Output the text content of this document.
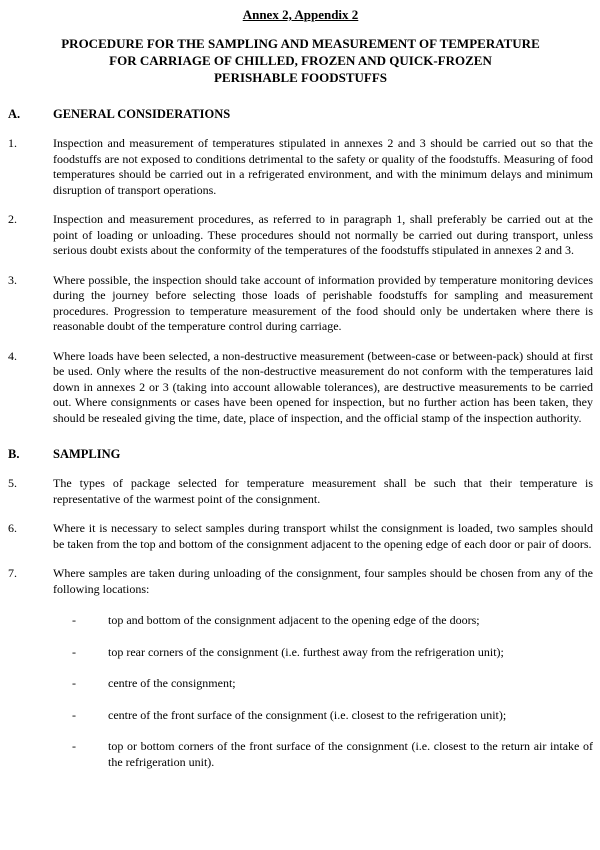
Annex 2, Appendix 2
PROCEDURE FOR THE SAMPLING AND MEASUREMENT OF TEMPERATURE
FOR CARRIAGE OF CHILLED, FROZEN AND QUICK-FROZEN
PERISHABLE FOODSTUFFS
A.	GENERAL CONSIDERATIONS
1.	Inspection and measurement of temperatures stipulated in annexes 2 and 3 should be carried out so that the foodstuffs are not exposed to conditions detrimental to the safety or quality of the foodstuffs. Measuring of food temperatures should be carried out in a refrigerated environment, and with the minimum delays and minimum disruption of transport operations.
2.	Inspection and measurement procedures, as referred to in paragraph 1, shall preferably be carried out at the point of loading or unloading. These procedures should not normally be carried out during transport, unless serious doubt exists about the conformity of the temperatures of the foodstuffs stipulated in annexes 2 and 3.
3.	Where possible, the inspection should take account of information provided by temperature monitoring devices during the journey before selecting those loads of perishable foodstuffs for sampling and measurement procedures. Progression to temperature measurement of the food should only be undertaken where there is reasonable doubt of the temperature control during carriage.
4.	Where loads have been selected, a non-destructive measurement (between-case or between-pack) should at first be used. Only where the results of the non-destructive measurement do not conform with the temperatures laid down in annexes 2 or 3 (taking into account allowable tolerances), are destructive measurements to be carried out. Where consignments or cases have been opened for inspection, but no further action has been taken, they should be resealed giving the time, date, place of inspection, and the official stamp of the inspection authority.
B.	SAMPLING
5.	The types of package selected for temperature measurement shall be such that their temperature is representative of the warmest point of the consignment.
6.	Where it is necessary to select samples during transport whilst the consignment is loaded, two samples should be taken from the top and bottom of the consignment adjacent to the opening edge of each door or pair of doors.
7.	Where samples are taken during unloading of the consignment, four samples should be chosen from any of the following locations:
-	top and bottom of the consignment adjacent to the opening edge of the doors;
-	top rear corners of the consignment (i.e. furthest away from the refrigeration unit);
-	centre of the consignment;
-	centre of the front surface of the consignment (i.e. closest to the refrigeration unit);
-	top or bottom corners of the front surface of the consignment (i.e. closest to the return air intake of the refrigeration unit).
